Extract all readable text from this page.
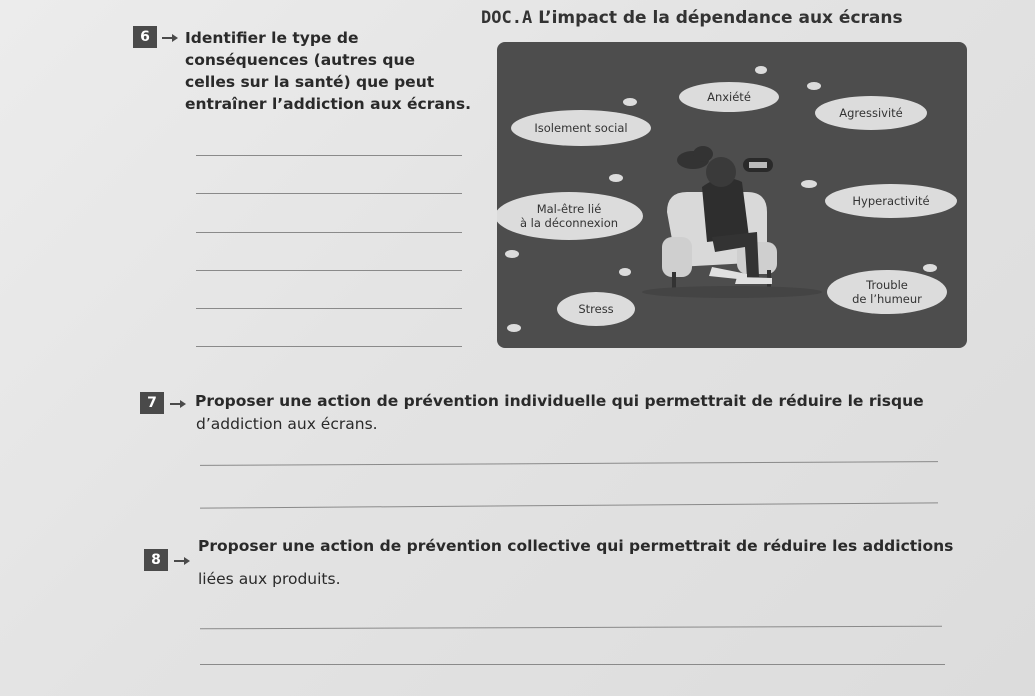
6	Identifier le type de
conséquences (autres que
celles sur la santé) que peut
entraîner l’addiction aux écrans.
DOC.A L’impact de la dépendance aux écrans
Anxiété
Agressivité
Isolement social
Mal-être lié
à la déconnexion
Hyperactivité
Trouble
de l’humeur
Stress
7	Proposer une action de prévention individuelle qui permettrait de réduire le risque
d’addiction aux écrans.
8
Proposer une action de prévention collective qui permettrait de réduire les addictions
liées aux produits.
